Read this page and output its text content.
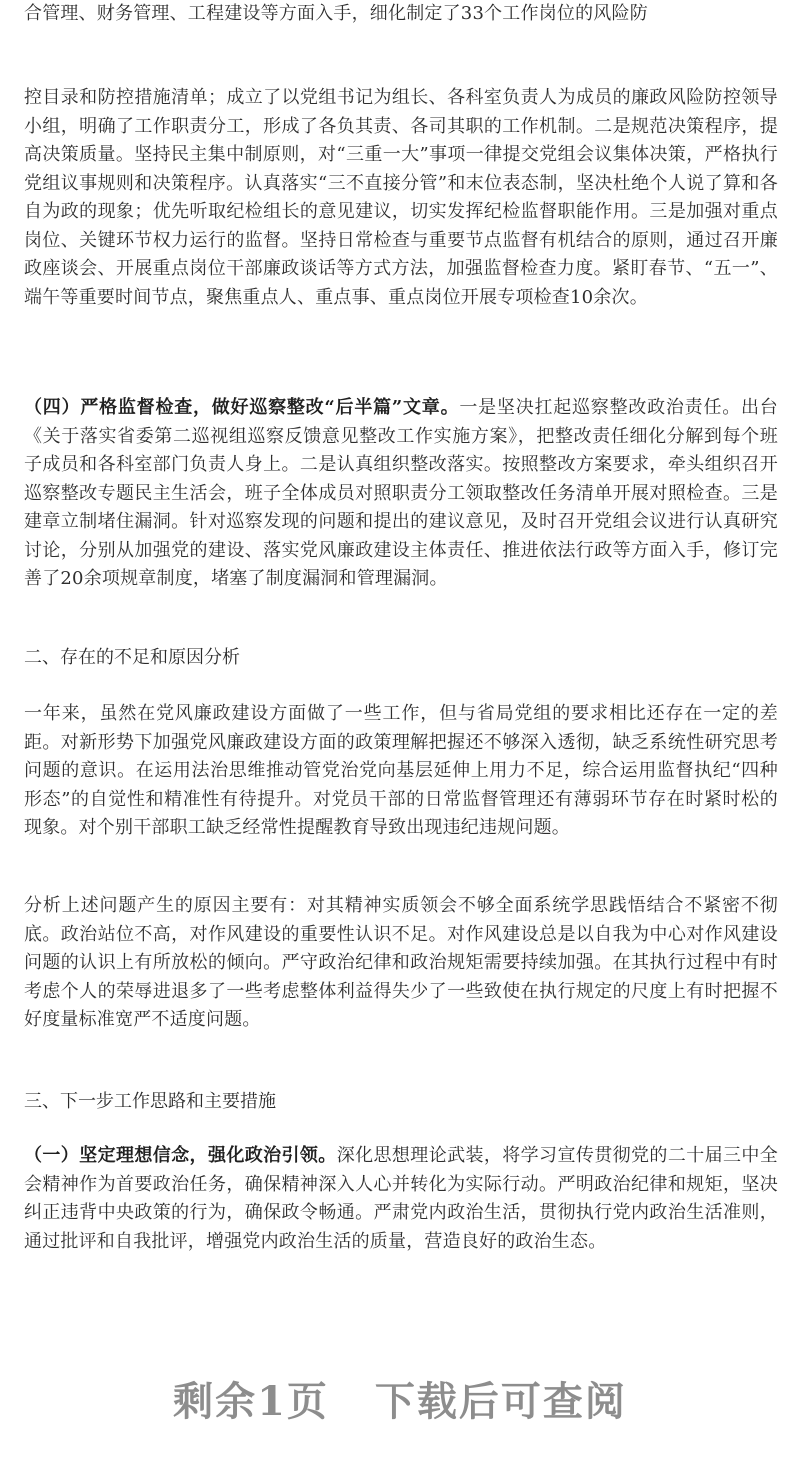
合管理、财务管理、工程建设等方面入手，细化制定了33个工作岗位的风险防

控目录和防控措施清单；成立了以党组书记为组长、各科室负责人为成员的廉政风险防控领导小组，明确了工作职责分工，形成了各负其责、各司其职的工作机制。二是规范决策程序，提高决策质量。坚持民主集中制原则，对“三重一大”事项一律提交党组会议集体决策，严格执行党组议事规则和决策程序。认真落实“三不直接分管”和末位表态制，坚决杜绝个人说了算和各自为政的现象；优先听取纪检组长的意见建议，切实发挥纪检监督职能作用。三是加强对重点岗位、关键环节权力运行的监督。坚持日常检查与重要节点监督有机结合的原则，通过召开廉政座谈会、开展重点岗位干部廉政谈话等方式方法，加强监督检查力度。紧盯春节、“五一”、端午等重要时间节点，聚焦重点人、重点事、重点岗位开展专项检查10余次。

（四）严格监督检查，做好巡察整改“后半篇”文章。一是坚决扛起巡察整改政治责任。出台《关于落实省委第二巡视组巡察反馈意见整改工作实施方案》，把整改责任细化分解到每个班子成员和各科室部门负责人身上。二是认真组织整改落实。按照整改方案要求，牵头组织召开巡察整改专题民主生活会，班子全体成员对照职责分工领取整改任务清单开展对照检查。三是建章立制堵住漏洞。针对巡察发现的问题和提出的建议意见，及时召开党组会议进行认真研究讨论，分别从加强党的建设、落实党风廉政建设主体责任、推进依法行政等方面入手，修订完善了20余项规章制度，堵塞了制度漏洞和管理漏洞。

二、存在的不足和原因分析

一年来，虽然在党风廉政建设方面做了一些工作，但与省局党组的要求相比还存在一定的差距。对新形势下加强党风廉政建设方面的政策理解把握还不够深入透彻，缺乏系统性研究思考问题的意识。在运用法治思维推动管党治党向基层延伸上用力不足，综合运用监督执纪“四种形态”的自觉性和精准性有待提升。对党员干部的日常监督管理还有薄弱环节存在时紧时松的现象。对个别干部职工缺乏经常性提醒教育导致出现违纪违规问题。

分析上述问题产生的原因主要有：对其精神实质领会不够全面系统学思践悟结合不紧密不彻底。政治站位不高，对作风建设的重要性认识不足。对作风建设总是以自我为中心对作风建设问题的认识上有所放松的倾向。严守政治纪律和政治规矩需要持续加强。在其执行过程中有时考虑个人的荣辱进退多了一些考虑整体利益得失少了一些致使在执行规定的尺度上有时把握不好度量标准宽严不适度问题。

三、下一步工作思路和主要措施

（一）坚定理想信念，强化政治引领。深化思想理论武装，将学习宣传贯彻党的二十届三中全会精神作为首要政治任务，确保精神深入人心并转化为实际行动。严明政治纪律和规矩，坚决纠正违背中央政策的行为，确保政令畅通。严肃党内政治生活，贯彻执行党内政治生活准则，通过批评和自我批评，增强党内政治生活的质量，营造良好的政治生态。

剩余1页 下载后可查阅
